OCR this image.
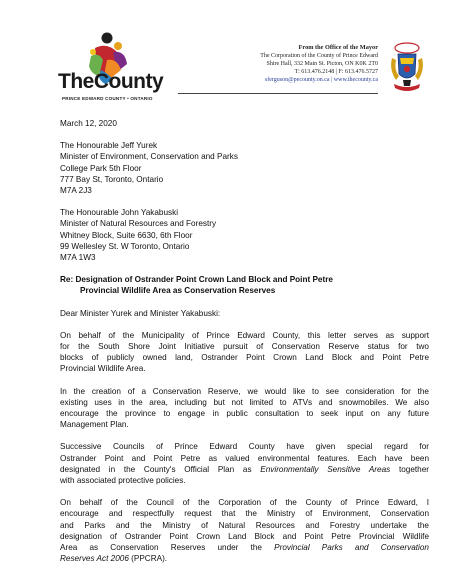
TheCounty
PRINCE EDWARD COUNTY • ONTARIO
From the Office of the Mayor
The Corporation of the County of Prince Edward
Shire Hall, 332 Main St. Picton, ON K0K 2T0
T: 613.476.2148 | F: 613.476.5727
sferguson@pecounty.on.ca | www.thecounty.ca
March 12, 2020
The Honourable Jeff Yurek
Minister of Environment, Conservation and Parks
College Park 5th Floor
777 Bay St, Toronto, Ontario
M7A 2J3
The Honourable John Yakabuski
Minister of Natural Resources and Forestry
Whitney Block, Suite 6630, 6th Floor
99 Wellesley St. W Toronto, Ontario
M7A 1W3
Re: Designation of Ostrander Point Crown Land Block and Point Petre
Provincial Wildlife Area as Conservation Reserves
Dear Minister Yurek and Minister Yakabuski:
On behalf of the Municipality of Prince Edward County, this letter serves as support
for the South Shore Joint Initiative pursuit of Conservation Reserve status for two
blocks of publicly owned land, Ostrander Point Crown Land Block and Point Petre
Provincial Wildlife Area.
In the creation of a Conservation Reserve, we would like to see consideration for the
existing uses in the area, including but not limited to ATVs and snowmobiles. We also
encourage the province to engage in public consultation to seek input on any future
Management Plan.
Successive Councils of Prince Edward County have given special regard for
Ostrander Point and Point Petre as valued environmental features. Each have been
designated in the County's Official Plan as Environmentally Sensitive Areas together
with associated protective policies.
On behalf of the Council of the Corporation of the County of Prince Edward, I
encourage and respectfully request that the Ministry of Environment, Conservation
and Parks and the Ministry of Natural Resources and Forestry undertake the
designation of Ostrander Point Crown Land Block and Point Petre Provincial Wildlife
Area as Conservation Reserves under the Provincial Parks and Conservation
Reserves Act 2006 (PPCRA).
